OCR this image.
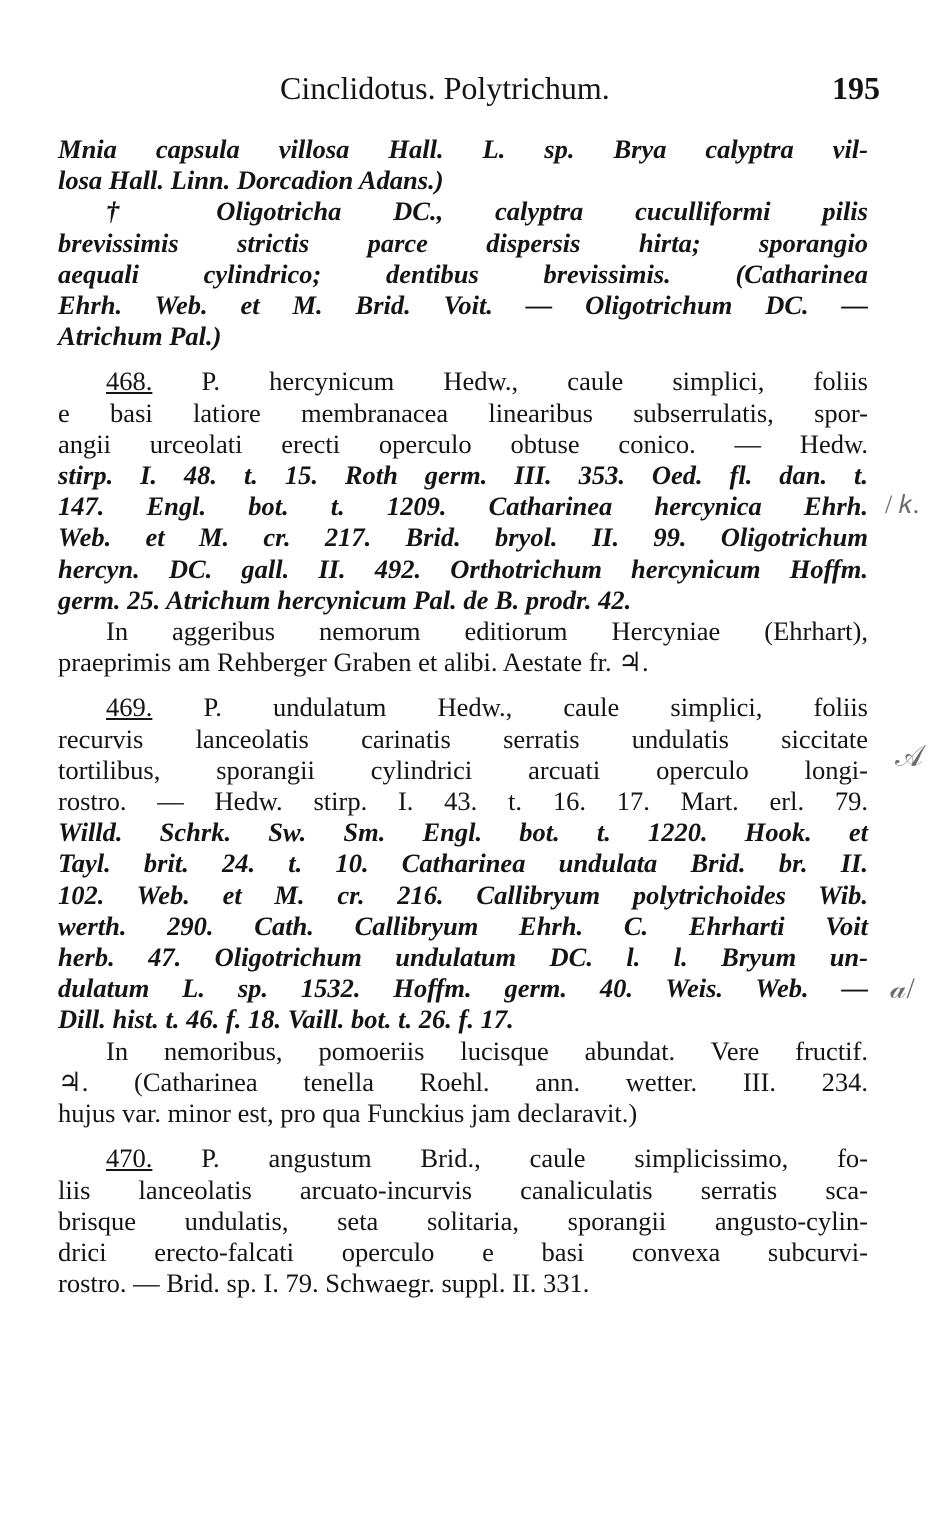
Cinclidotus. Polytrichum.	195
/ 𝑘.
𝒜
𝒶/

Mnia capsula villosa Hall. L. sp. Brya calyptra vil-

losa Hall. Linn. Dorcadion Adans.)

† Oligotricha DC., calyptra cuculliformi pilis

brevissimis strictis parce dispersis hirta; sporangio

aequali cylindrico; dentibus brevissimis. (Catharinea

Ehrh. Web. et M. Brid. Voit. — Oligotrichum DC. —

Atrichum Pal.)

468. P. hercynicum Hedw., caule simplici, foliis

e basi latiore membranacea linearibus subserrulatis, spor-

angii urceolati erecti operculo obtuse conico. — Hedw.

stirp. I. 48. t. 15. Roth germ. III. 353. Oed. fl. dan. t.

147. Engl. bot. t. 1209. Catharinea hercynica Ehrh.

Web. et M. cr. 217. Brid. bryol. II. 99. Oligotrichum

hercyn. DC. gall. II. 492. Orthotrichum hercynicum Hoffm.

germ. 25. Atrichum hercynicum Pal. de B. prodr. 42.

In aggeribus nemorum editiorum Hercyniae (Ehrhart),

praeprimis am Rehberger Graben et alibi. Aestate fr. ♃.

469. P. undulatum Hedw., caule simplici, foliis

recurvis lanceolatis carinatis serratis undulatis siccitate

tortilibus, sporangii cylindrici arcuati operculo longi-

rostro. — Hedw. stirp. I. 43. t. 16. 17. Mart. erl. 79.

Willd. Schrk. Sw. Sm. Engl. bot. t. 1220. Hook. et

Tayl. brit. 24. t. 10. Catharinea undulata Brid. br. II.

102. Web. et M. cr. 216. Callibryum polytrichoides Wib.

werth. 290. Cath. Callibryum Ehrh. C. Ehrharti Voit

herb. 47. Oligotrichum undulatum DC. l. l. Bryum un-

dulatum L. sp. 1532. Hoffm. germ. 40. Weis. Web. —

Dill. hist. t. 46. f. 18. Vaill. bot. t. 26. f. 17.

In nemoribus, pomoeriis lucisque abundat. Vere fructif.

♃. (Catharinea tenella Roehl. ann. wetter. III. 234.

hujus var. minor est, pro qua Funckius jam declaravit.)

470. P. angustum Brid., caule simplicissimo, fo-

liis lanceolatis arcuato-incurvis canaliculatis serratis sca-

brisque undulatis, seta solitaria, sporangii angusto-cylin-

drici erecto-falcati operculo e basi convexa subcurvi-

rostro. — Brid. sp. I. 79. Schwaegr. suppl. II. 331.
